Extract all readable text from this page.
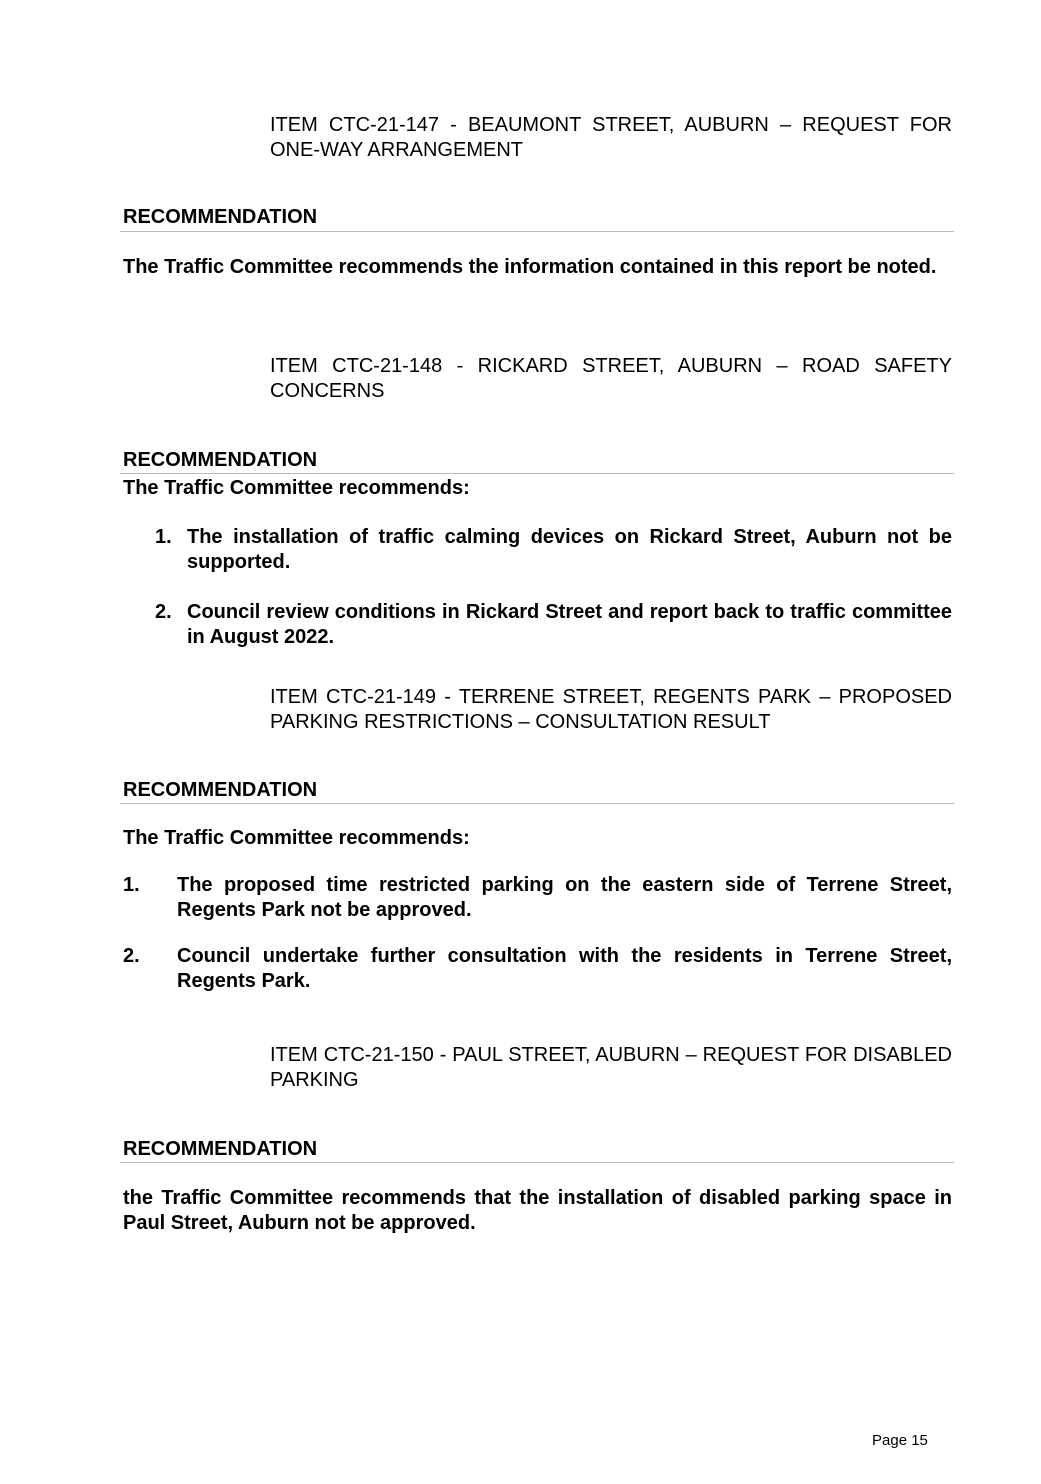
ITEM CTC-21-147 - BEAUMONT STREET, AUBURN – REQUEST FOR ONE-WAY ARRANGEMENT
RECOMMENDATION
The Traffic Committee recommends the information contained in this report be noted.
ITEM CTC-21-148 - RICKARD STREET, AUBURN – ROAD SAFETY CONCERNS
RECOMMENDATION
The Traffic Committee recommends:
1. The installation of traffic calming devices on Rickard Street, Auburn not be supported.
2. Council review conditions in Rickard Street and report back to traffic committee in August 2022.
ITEM CTC-21-149 - TERRENE STREET, REGENTS PARK – PROPOSED PARKING RESTRICTIONS – CONSULTATION RESULT
RECOMMENDATION
The Traffic Committee recommends:
1. The proposed time restricted parking on the eastern side of Terrene Street, Regents Park not be approved.
2. Council undertake further consultation with the residents in Terrene Street, Regents Park.
ITEM CTC-21-150 - PAUL STREET, AUBURN – REQUEST FOR DISABLED PARKING
RECOMMENDATION
the Traffic Committee recommends that the installation of disabled parking space in Paul Street, Auburn not be approved.
Page 15
